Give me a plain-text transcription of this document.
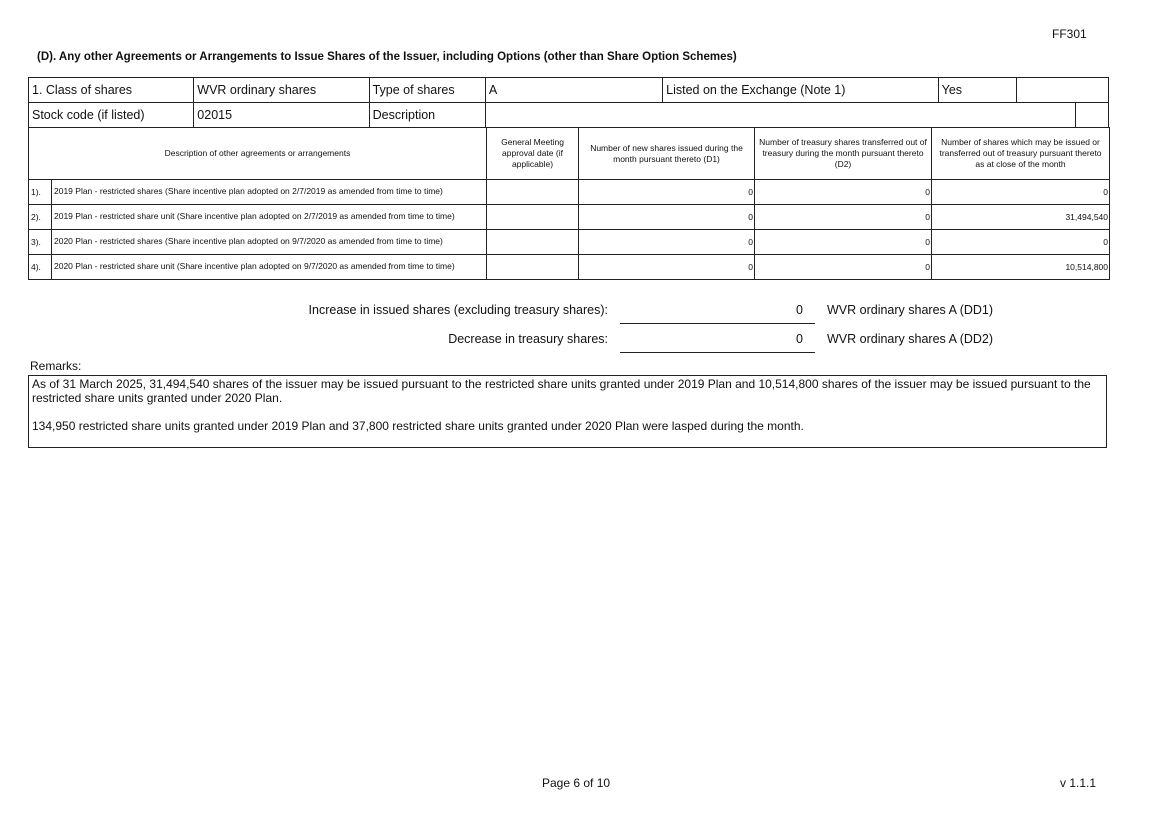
FF301
(D). Any other Agreements or Arrangements to Issue Shares of the Issuer, including Options (other than Share Option Schemes)
1. Class of shares	WVR ordinary shares	Type of shares	A	Listed on the Exchange (Note 1)	Yes		
Stock code (if listed)	02015	Description					
Description of other agreements or arrangements		General Meeting approval date (if applicable)	Number of new shares issued during the month pursuant thereto (D1)	Number of treasury shares transferred out of treasury during the month pursuant thereto (D2)	Number of shares which may be issued or transferred out of treasury pursuant thereto as at close of the month
1).	2019 Plan - restricted shares (Share incentive plan adopted on 2/7/2019 as amended from time to time)		0	0	0
2).	2019 Plan - restricted share unit (Share incentive plan adopted on 2/7/2019 as amended from time to time)		0	0	31,494,540
3).	2020 Plan - restricted shares (Share incentive plan adopted on 9/7/2020 as amended from time to time)		0	0	0
4).	2020 Plan - restricted share unit (Share incentive plan adopted on 9/7/2020 as amended from time to time)		0	0	10,514,800
Increase in issued shares (excluding treasury shares):	0 WVR ordinary shares A (DD1)
Decrease in treasury shares:	0 WVR ordinary shares A (DD2)
Remarks:

As of 31 March 2025, 31,494,540 shares of the issuer may be issued pursuant to the restricted share units granted under 2019 Plan and 10,514,800 shares of the issuer may be issued pursuant to the restricted share units granted under 2020 Plan.

134,950 restricted share units granted under 2019 Plan and 37,800 restricted share units granted under 2020 Plan were lasped during the month.

Page 6 of 10	v 1.1.1
